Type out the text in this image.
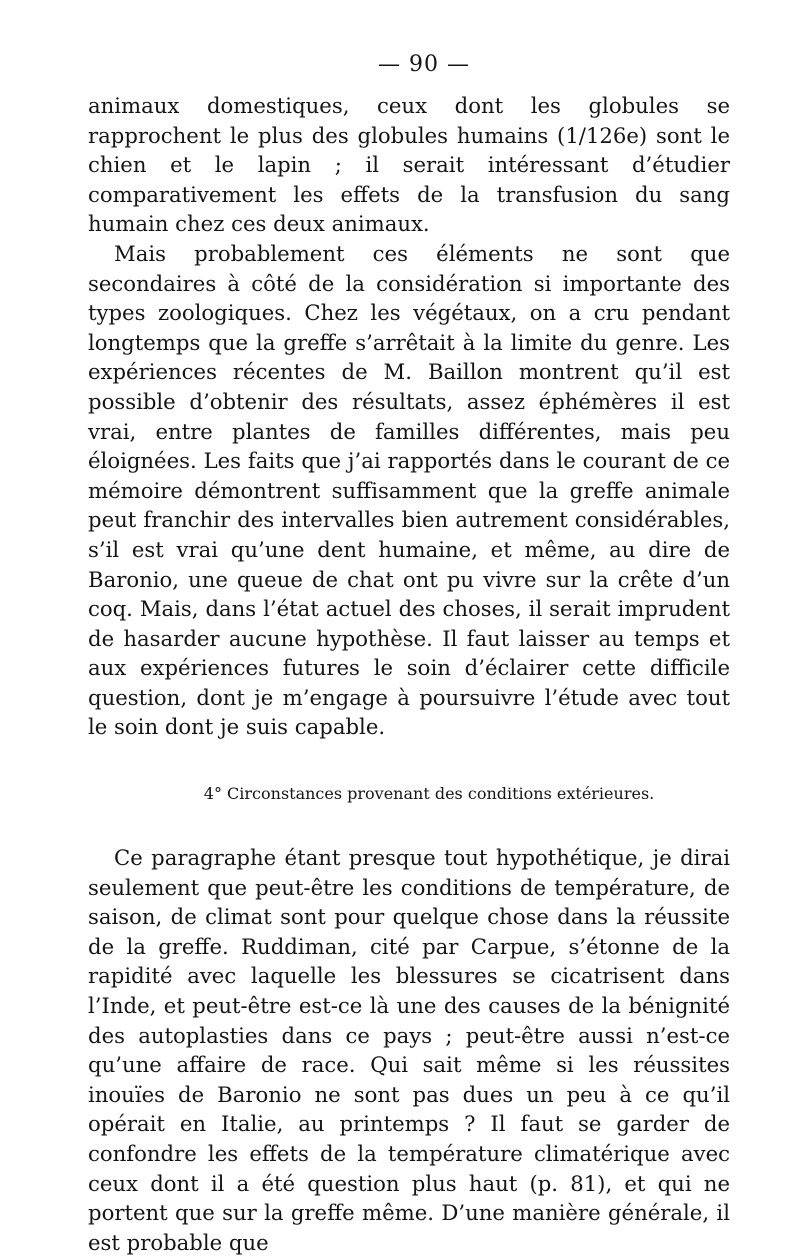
— 90 —

animaux domestiques, ceux dont les globules se rapprochent le plus des globules humains (1/126e) sont le chien et le lapin ; il serait intéressant d’étudier comparativement les effets de la transfusion du sang humain chez ces deux animaux.

Mais probablement ces éléments ne sont que secondaires à côté de la considération si importante des types zoologiques. Chez les végétaux, on a cru pendant longtemps que la greffe s’arrêtait à la limite du genre. Les expériences récentes de M. Baillon montrent qu’il est possible d’obtenir des résultats, assez éphémères il est vrai, entre plantes de familles différentes, mais peu éloignées. Les faits que j’ai rapportés dans le courant de ce mémoire démontrent suffisamment que la greffe animale peut franchir des intervalles bien autrement considérables, s’il est vrai qu’une dent humaine, et même, au dire de Baronio, une queue de chat ont pu vivre sur la crête d’un coq. Mais, dans l’état actuel des choses, il serait imprudent de hasarder aucune hypothèse. Il faut laisser au temps et aux expériences futures le soin d’éclairer cette difficile question, dont je m’engage à poursuivre l’étude avec tout le soin dont je suis capable.

4° Circonstances provenant des conditions extérieures.

Ce paragraphe étant presque tout hypothétique, je dirai seulement que peut-être les conditions de température, de saison, de climat sont pour quelque chose dans la réussite de la greffe. Ruddiman, cité par Carpue, s’étonne de la rapidité avec laquelle les blessures se cicatrisent dans l’Inde, et peut-être est-ce là une des causes de la bénignité des autoplasties dans ce pays ; peut-être aussi n’est-ce qu’une affaire de race. Qui sait même si les réussites inouïes de Baronio ne sont pas dues un peu à ce qu’il opérait en Italie, au printemps ? Il faut se garder de confondre les effets de la température climatérique avec ceux dont il a été question plus haut (p. 81), et qui ne portent que sur la greffe même. D’une manière générale, il est probable que
